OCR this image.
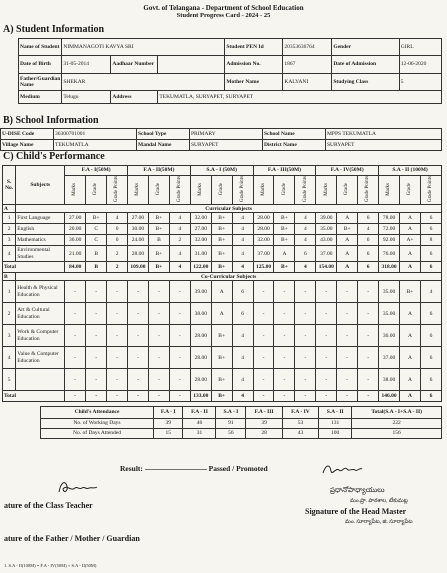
Govt. of Telangana - Department of School Education
Student Progress Card - 2024 - 25
A) Student Information
Name of Student	NIMMANAGOTI KAVYA SRI			Student PEN Id	20353636764	Gender	GIRL
Date of Birth	31-05-2014	Aadhaar Number		Admission No.	1867	Date of Admission	12-06-2020
Father/Guardian Name	SHEKAR			Mother Name	KALYANI	Studying Class	5
Medium	Telugu	Address	TEKUMATLA, SURYAPET, SURYAPET				
B) School Information
U-DISE Code	36300701001	School Type	PRIMARY	School Name	MPPS TEKUMATLA
Village Name	TEKUMATLA	Mandal Name	SURYAPET	District Name	SURYAPET
C) Child's Performance
S. No.	Subjects	F.A - I(50M)			F.A - II(50M)			S.A - I (50M)			F.A - III(50M)			F.A - IV(50M)			S.A - II (100M)		
		Marks	Grade	Grade Points	Marks	Grade	Grade Points	Marks	Grade	Grade Points	Marks	Grade	Grade Points	Marks	Grade	Grade Points	Marks	Grade	Grade Points
A	Curricular Subjects																		
1	First Language	27.00	B+	4	27.00	B+	4	32.00	B+	4	28.00	B+	4	39.00	A	6	78.00	A	6
2	English	20.00	C	0	30.00	B+	4	27.00	B+	4	28.00	B+	4	35.00	B+	4	72.00	A	6
3	Mathematics	36.00	C	0	24.00	B	2	32.00	B+	4	32.00	B+	4	43.00	A	6	92.00	A+	8
4	Environmental Studies	21.00	B	2	28.00	B+	4	31.00	B+	4	37.00	A	6	37.00	A	6	76.00	A	6
Total		84.00	B	2	109.00	B+	4	122.00	B+	4	125.00	B+	4	154.00	A	6	318.00	A	6
B	Co-Curricular Subjects																		
1	Health & Physical Education	-	-	-	-	-	-	39.00	A	6	-	-	-	-	-	-	35.00	B+	4
2	Art & Cultural Education	-	-	-	-	-	-	38.00	A	6	-	-	-	-	-	-	35.00	A	6
3	Work & Computer Education	-	-	-	-	-	-	28.00	B+	4	-	-	-	-	-	-	36.00	A	6
4	Value & Computer Education	-	-	-	-	-	-	28.00	B+	4	-	-	-	-	-	-	37.00	A	6
5		-	-	-	-	-	-	28.00	B+	4	-	-	-	-	-	-	38.00	A	6
Total		-	-	-	-	-	-	133.00	B+	4	-	-	-	-	-	-	146.00	A	6
Child's Attendance	F.A - I	F.A - II	S.A - I	F.A - III	F.A - IV	S.A - II	Total(S.A - I+S.A - II)
No. of Working Days	39	46	91	39	53	131	222
No. of Days Attended	15	31	56	28	43	100	156
Result: ------------------------------- Passed / Promoted
ature of the Class Teacher
ప్రధానోపాధ్యాయులు
మం.ప్రా. పాఠశాల, టేకుమట్ల
Signature of the Head Master
మం. సూర్యాపేట, జి. సూర్యాపేట
ature of the Father / Mother / Guardian
1. S.A - II(100M) = F.A - IV(50M) + S.A - II(50M)
